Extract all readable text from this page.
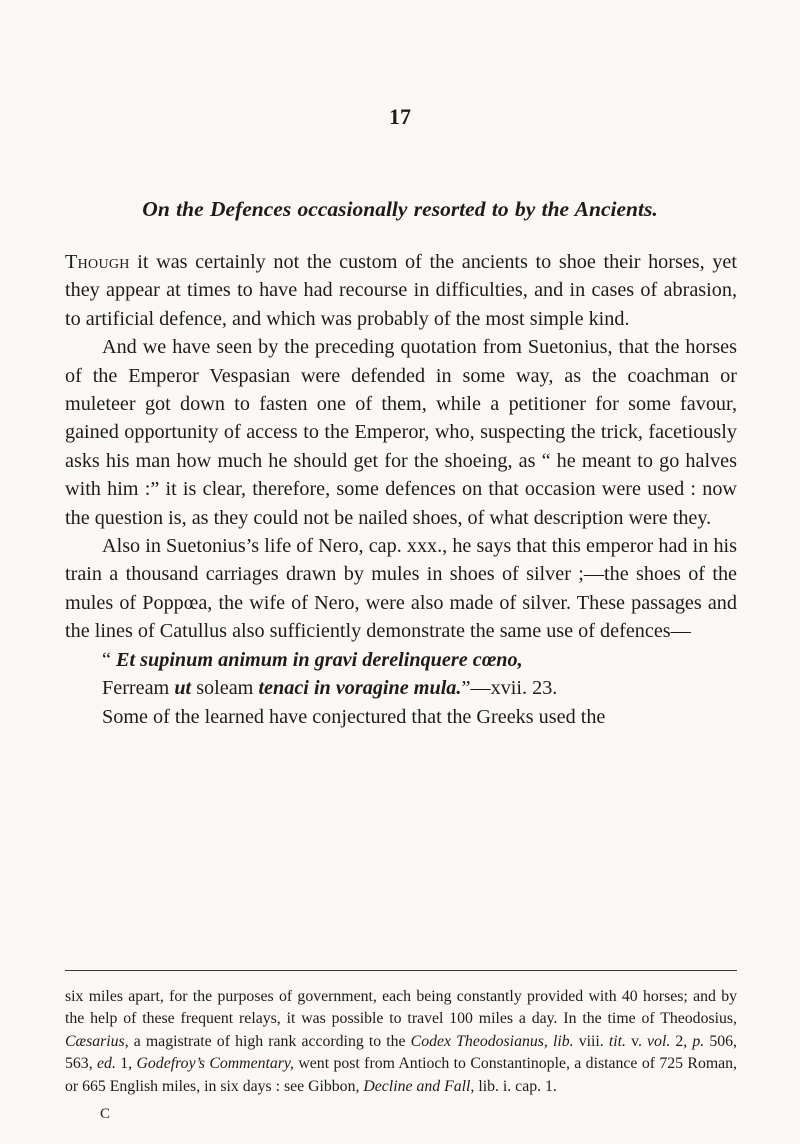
17
On the Defences occasionally resorted to by the Ancients.

Though it was certainly not the custom of the ancients to shoe their horses, yet they appear at times to have had recourse in difficulties, and in cases of abrasion, to artificial defence, and which was probably of the most simple kind.

And we have seen by the preceding quotation from Suetonius, that the horses of the Emperor Vespasian were defended in some way, as the coachman or muleteer got down to fasten one of them, while a petitioner for some favour, gained opportunity of access to the Emperor, who, suspecting the trick, facetiously asks his man how much he should get for the shoeing, as “ he meant to go halves with him :” it is clear, therefore, some defences on that occasion were used : now the question is, as they could not be nailed shoes, of what description were they.

Also in Suetonius’s life of Nero, cap. xxx., he says that this emperor had in his train a thousand carriages drawn by mules in shoes of silver ;—the shoes of the mules of Poppœa, the wife of Nero, were also made of silver. These passages and the lines of Catullus also sufficiently demonstrate the same use of defences—

“ Et supinum animum in gravi derelinquere cœno,
Ferream ut soleam tenaci in voragine mula.”—xvii. 23.

Some of the learned have conjectured that the Greeks used the

six miles apart, for the purposes of government, each being constantly provided with 40 horses; and by the help of these frequent relays, it was possible to travel 100 miles a day. In the time of Theodosius, Cæsarius, a magistrate of high rank according to the Codex Theodosianus, lib. viii. tit. v. vol. 2, p. 506, 563, ed. 1, Godefroy’s Commentary, went post from Antioch to Constantinople, a distance of 725 Roman, or 665 English miles, in six days : see Gibbon, Decline and Fall, lib. i. cap. 1.

C
